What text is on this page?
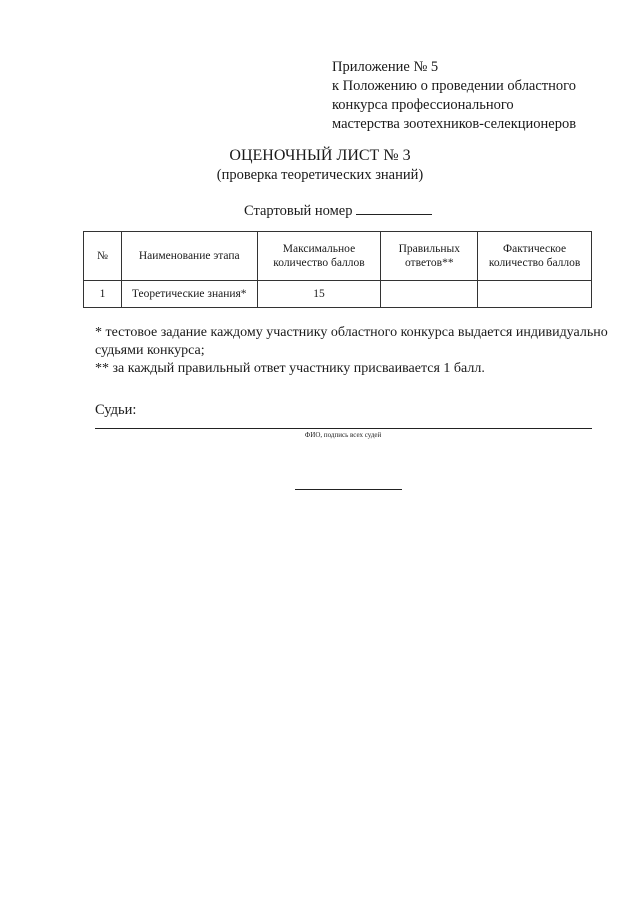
Приложение № 5
к Положению о проведении областного
конкурса профессионального
мастерства зоотехников-селекционеров
ОЦЕНОЧНЫЙ ЛИСТ № 3
(проверка теоретических знаний)
Стартовый номер
№	Наименование этапа	Максимальное количество баллов	Правильных ответов**	Фактическое количество баллов
1	Теоретические знания*	15		
* тестовое задание каждому участнику областного конкурса выдается индивидуально
судьями конкурса;
** за каждый правильный ответ участнику присваивается 1 балл.
Судьи:
ФИО, подпись всех судей
